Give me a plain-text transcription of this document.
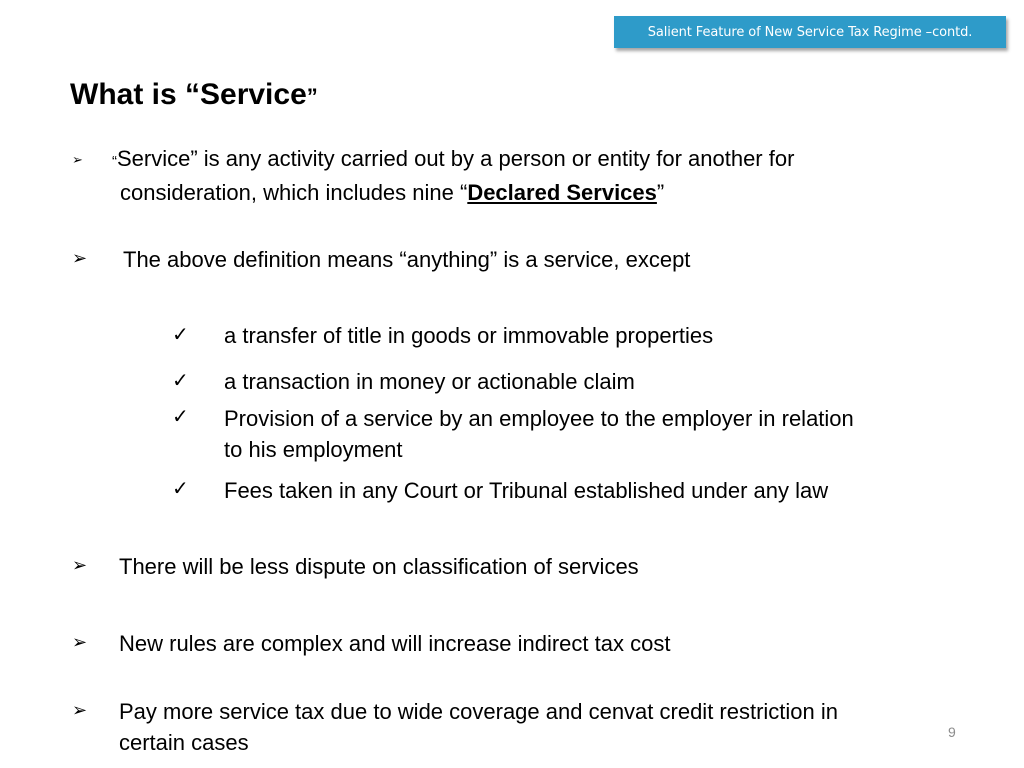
Salient Feature of New Service Tax Regime –contd.
What is “Service”
➢	“Service” is any activity carried out by a person or entity for another for
consideration, which includes nine “Declared Services”
➢	The above definition means “anything” is a service, except
✓	a transfer of title in goods or immovable properties
✓	a transaction in money or actionable claim
✓	Provision of a service by an employee to the employer in relation
to his employment
✓	Fees taken in any Court or Tribunal established under any law
➢	There will be less dispute on classification of services
➢	New rules are complex and will increase indirect tax cost
➢	Pay more service tax due to wide coverage and cenvat credit restriction in
certain cases	9
